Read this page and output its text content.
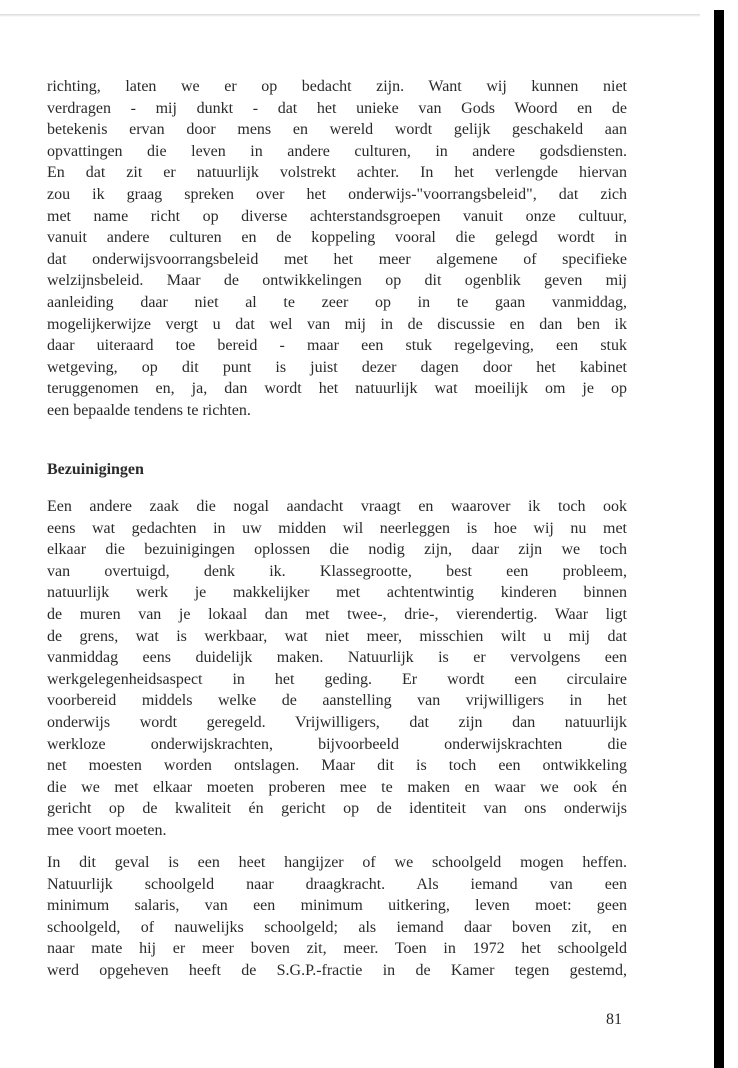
richting, laten we er op bedacht zijn. Want wij kunnen niet
verdragen - mij dunkt - dat het unieke van Gods Woord en de
betekenis ervan door mens en wereld wordt gelijk geschakeld aan
opvattingen die leven in andere culturen, in andere godsdiensten.
En dat zit er natuurlijk volstrekt achter. In het verlengde hiervan
zou ik graag spreken over het onderwijs-"voorrangsbeleid", dat zich
met name richt op diverse achterstandsgroepen vanuit onze cultuur,
vanuit andere culturen en de koppeling vooral die gelegd wordt in
dat onderwijsvoorrangsbeleid met het meer algemene of specifieke
welzijnsbeleid. Maar de ontwikkelingen op dit ogenblik geven mij
aanleiding daar niet al te zeer op in te gaan vanmiddag,
mogelijkerwijze vergt u dat wel van mij in de discussie en dan ben ik
daar uiteraard toe bereid - maar een stuk regelgeving, een stuk
wetgeving, op dit punt is juist dezer dagen door het kabinet
teruggenomen en, ja, dan wordt het natuurlijk wat moeilijk om je op
een bepaalde tendens te richten.
Bezuinigingen
Een andere zaak die nogal aandacht vraagt en waarover ik toch ook
eens wat gedachten in uw midden wil neerleggen is hoe wij nu met
elkaar die bezuinigingen oplossen die nodig zijn, daar zijn we toch
van overtuigd, denk ik. Klassegrootte, best een probleem,
natuurlijk werk je makkelijker met achtentwintig kinderen binnen
de muren van je lokaal dan met twee-, drie-, vierendertig. Waar ligt
de grens, wat is werkbaar, wat niet meer, misschien wilt u mij dat
vanmiddag eens duidelijk maken. Natuurlijk is er vervolgens een
werkgelegenheidsaspect in het geding. Er wordt een circulaire
voorbereid middels welke de aanstelling van vrijwilligers in het
onderwijs wordt geregeld. Vrijwilligers, dat zijn dan natuurlijk
werkloze onderwijskrachten, bijvoorbeeld onderwijskrachten die
net moesten worden ontslagen. Maar dit is toch een ontwikkeling
die we met elkaar moeten proberen mee te maken en waar we ook én
gericht op de kwaliteit én gericht op de identiteit van ons onderwijs
mee voort moeten.
In dit geval is een heet hangijzer of we schoolgeld mogen heffen.
Natuurlijk schoolgeld naar draagkracht. Als iemand van een
minimum salaris, van een minimum uitkering, leven moet: geen
schoolgeld, of nauwelijks schoolgeld; als iemand daar boven zit, en
naar mate hij er meer boven zit, meer. Toen in 1972 het schoolgeld
werd opgeheven heeft de S.G.P.-fractie in de Kamer tegen gestemd,
81
